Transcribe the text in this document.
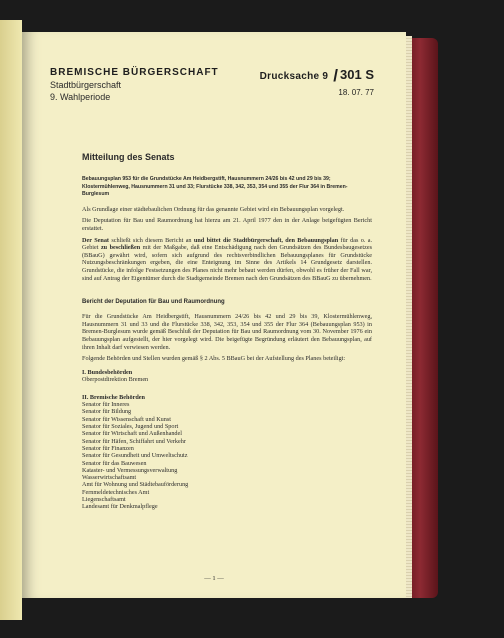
BREMISCHE BÜRGERSCHAFT
Stadtbürgerschaft
9. Wahlperiode
Drucksache 9 / 301 S
18. 07. 77
Mitteilung des Senats
Bebauungsplan 953 für die Grundstücke Am Heidbergstift, Hausnummern 24/26 bis 42 und 29 bis 39; Klostermühlenweg, Hausnummern 31 und 33; Flurstücke 338, 342, 353, 354 und 355 der Flur 364 in Bremen-Burglesum
Als Grundlage einer städtebaulichen Ordnung für das genannte Gebiet wird ein Bebauungsplan vorgelegt.
Die Deputation für Bau und Raumordnung hat hierzu am 21. April 1977 den in der Anlage beigefügten Bericht erstattet.
Der Senat schließt sich diesem Bericht an und bittet die Stadtbürgerschaft, den Bebauungsplan für das o. a. Gebiet zu beschließen mit der Maßgabe, daß eine Entschädigung nach den Grundsätzen des Bundesbaugesetzes (BBauG) gewährt wird, sofern sich aufgrund des rechtsverbindlichen Bebauungsplanes für Grundstücke Nutzungsbeschränkungen ergeben, die eine Enteignung im Sinne des Artikels 14 Grundgesetz darstellen. Grundstücke, die infolge Festsetzungen des Planes nicht mehr bebaut werden dürfen, obwohl es früher der Fall war, sind auf Antrag der Eigentümer durch die Stadtgemeinde Bremen nach den Grundsätzen des BBauG zu übernehmen.
Bericht der Deputation für Bau und Raumordnung
Für die Grundstücke Am Heidbergstift, Hausnummern 24/26 bis 42 und 29 bis 39, Klostermühlenweg, Hausnummern 31 und 33 und die Flurstücke 338, 342, 353, 354 und 355 der Flur 364 (Bebauungsplan 953) in Bremen-Burglesum wurde gemäß Beschluß der Deputation für Bau und Raumordnung vom 30. November 1976 ein Bebauungsplan aufgestellt, der hier vorgelegt wird. Die beigefügte Begründung erläutert den Bebauungsplan, auf ihren Inhalt darf verwiesen werden.
Folgende Behörden und Stellen wurden gemäß § 2 Abs. 5 BBauG bei der Aufstellung des Planes beteiligt:
I. Bundesbehörden
Oberpostdirektion Bremen
II. Bremische Behörden
Senator für Inneres
Senator für Bildung
Senator für Wissenschaft und Kunst
Senator für Soziales, Jugend und Sport
Senator für Wirtschaft und Außenhandel
Senator für Häfen, Schiffahrt und Verkehr
Senator für Finanzen
Senator für Gesundheit und Umweltschutz
Senator für das Bauwesen
Kataster- und Vermessungsverwaltung
Wasserwirtschaftsamt
Amt für Wohnung und Städtebauförderung
Fernmeldetechnisches Amt
Liegenschaftsamt
Landesamt für Denkmalpflege
— 1 —
